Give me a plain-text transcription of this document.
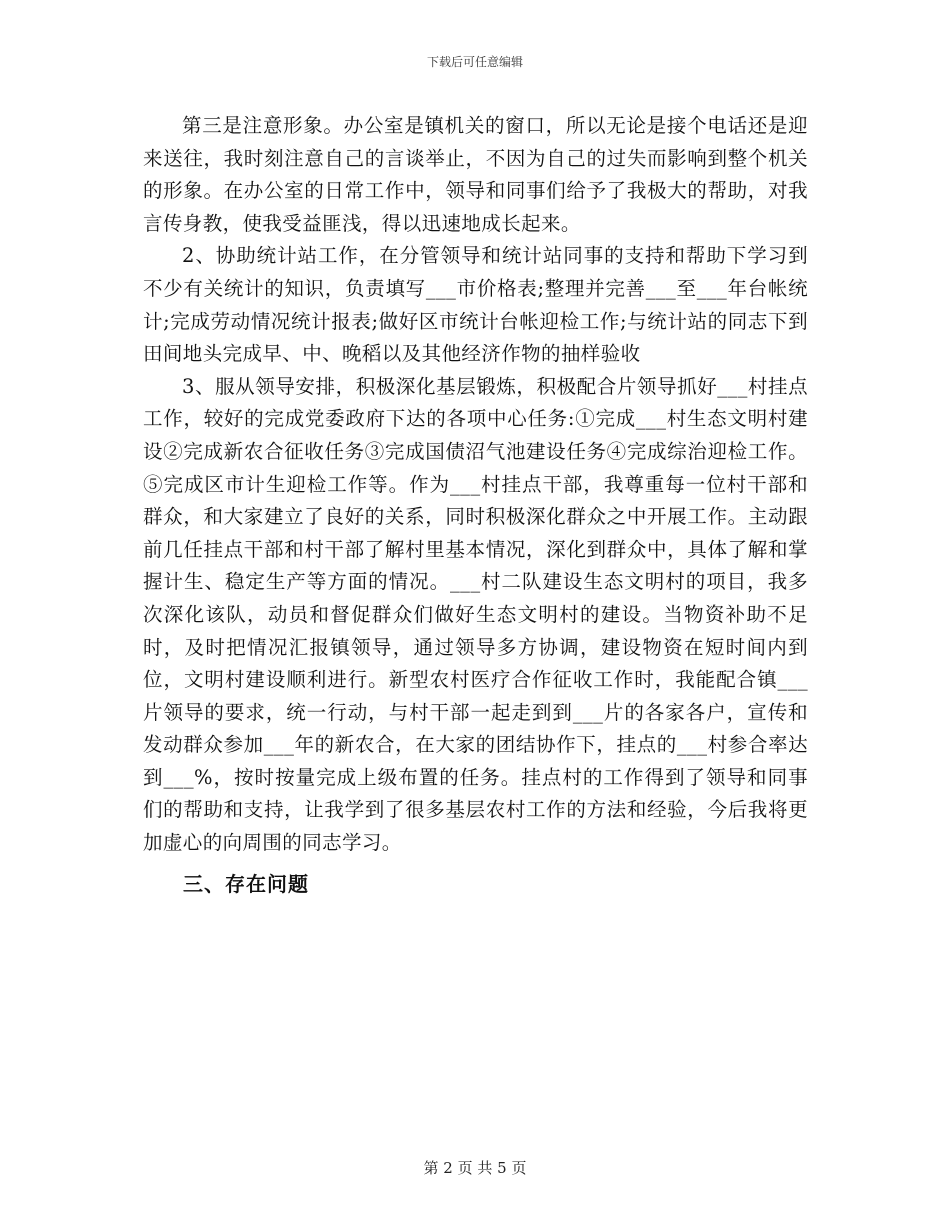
下载后可任意编辑

第三是注意形象。办公室是镇机关的窗口，所以无论是接个电话还是迎来送往，我时刻注意自己的言谈举止，不因为自己的过失而影响到整个机关的形象。在办公室的日常工作中，领导和同事们给予了我极大的帮助，对我言传身教，使我受益匪浅，得以迅速地成长起来。

2、协助统计站工作，在分管领导和统计站同事的支持和帮助下学习到不少有关统计的知识，负责填写___市价格表;整理并完善___至___年台帐统计;完成劳动情况统计报表;做好区市统计台帐迎检工作;与统计站的同志下到田间地头完成早、中、晚稻以及其他经济作物的抽样验收

3、服从领导安排，积极深化基层锻炼，积极配合片领导抓好___村挂点工作，较好的完成党委政府下达的各项中心任务:①完成___村生态文明村建设②完成新农合征收任务③完成国债沼气池建设任务④完成综治迎检工作。⑤完成区市计生迎检工作等。作为___村挂点干部，我尊重每一位村干部和群众，和大家建立了良好的关系，同时积极深化群众之中开展工作。主动跟前几任挂点干部和村干部了解村里基本情况，深化到群众中，具体了解和掌握计生、稳定生产等方面的情况。___村二队建设生态文明村的项目，我多次深化该队，动员和督促群众们做好生态文明村的建设。当物资补助不足时，及时把情况汇报镇领导，通过领导多方协调，建设物资在短时间内到位，文明村建设顺利进行。新型农村医疗合作征收工作时，我能配合镇___片领导的要求，统一行动，与村干部一起走到到___片的各家各户，宣传和发动群众参加___年的新农合，在大家的团结协作下，挂点的___村参合率达到___%，按时按量完成上级布置的任务。挂点村的工作得到了领导和同事们的帮助和支持，让我学到了很多基层农村工作的方法和经验，今后我将更加虚心的向周围的同志学习。

三、存在问题

第 2 页 共 5 页
